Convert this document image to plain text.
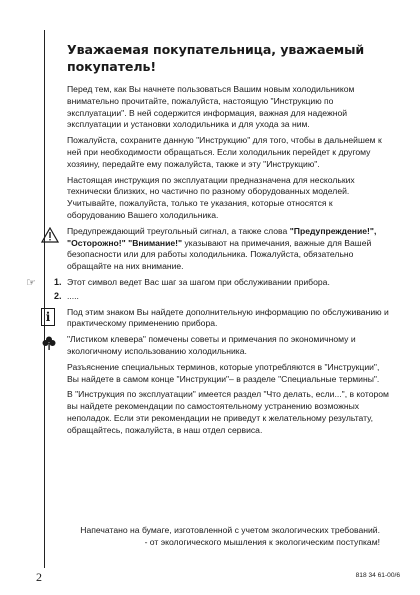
Уважаемая покупательница, уважаемый покупатель!

Перед тем, как Вы начнете пользоваться Вашим новым холодильником внимательно прочитайте, пожалуйста, настоящую "Инструкцию по эксплуатации". В ней содержится информация, важная для надежной эксплуатации и установки холодильника и для ухода за ним.

Пожалуйста, сохраните данную "Инструкцию" для того, чтобы в дальнейшем к ней при необходимости обращаться. Если холодильник перейдет к другому хозяину, передайте ему пожалуйста, также и эту "Инструкцию".

Настоящая инструкция по эксплуатации предназначена для нескольких технически близких, но частично по разному оборудованных моделей. Учитывайте, пожалуйста, только те указания, которые относятся к оборудованию Вашего холодильника.

Предупреждающий треугольный сигнал, а также слова "Предупреждение!", "Осторожно!" "Внимание!" указывают на примечания, важные для Вашей безопасности или для работы холодильника. Пожалуйста, обязательно обращайте на них внимание.

☞ 1. Этот символ ведет Вас шаг за шагом при обслуживании прибора.

2. .....

i	Под этим знаком Вы найдете дополнительную информацию по обслуживанию и практическому применению прибора.

"Листиком клевера" помечены советы и примечания по экономичному и экологичному использованию холодильника.

Разъяснение специальных терминов, которые употребляются в "Инструкции", Вы найдете в самом конце "Инструкции"– в разделе "Специальные термины".

В "Инструкция по эксплуатации" имеется раздел "Что делать, если...", в котором вы найдете рекомендации по самостоятельному устранению возможных неполадок. Если эти рекомендации не приведут к желательному результату, обращайтесь, пожалуйста, в наш отдел сервиса.

Напечатано на бумаге, изготовленной с учетом экологических требований.

- от экологического мышления к экологическим поступкам!

2	818 34 61-00/6
